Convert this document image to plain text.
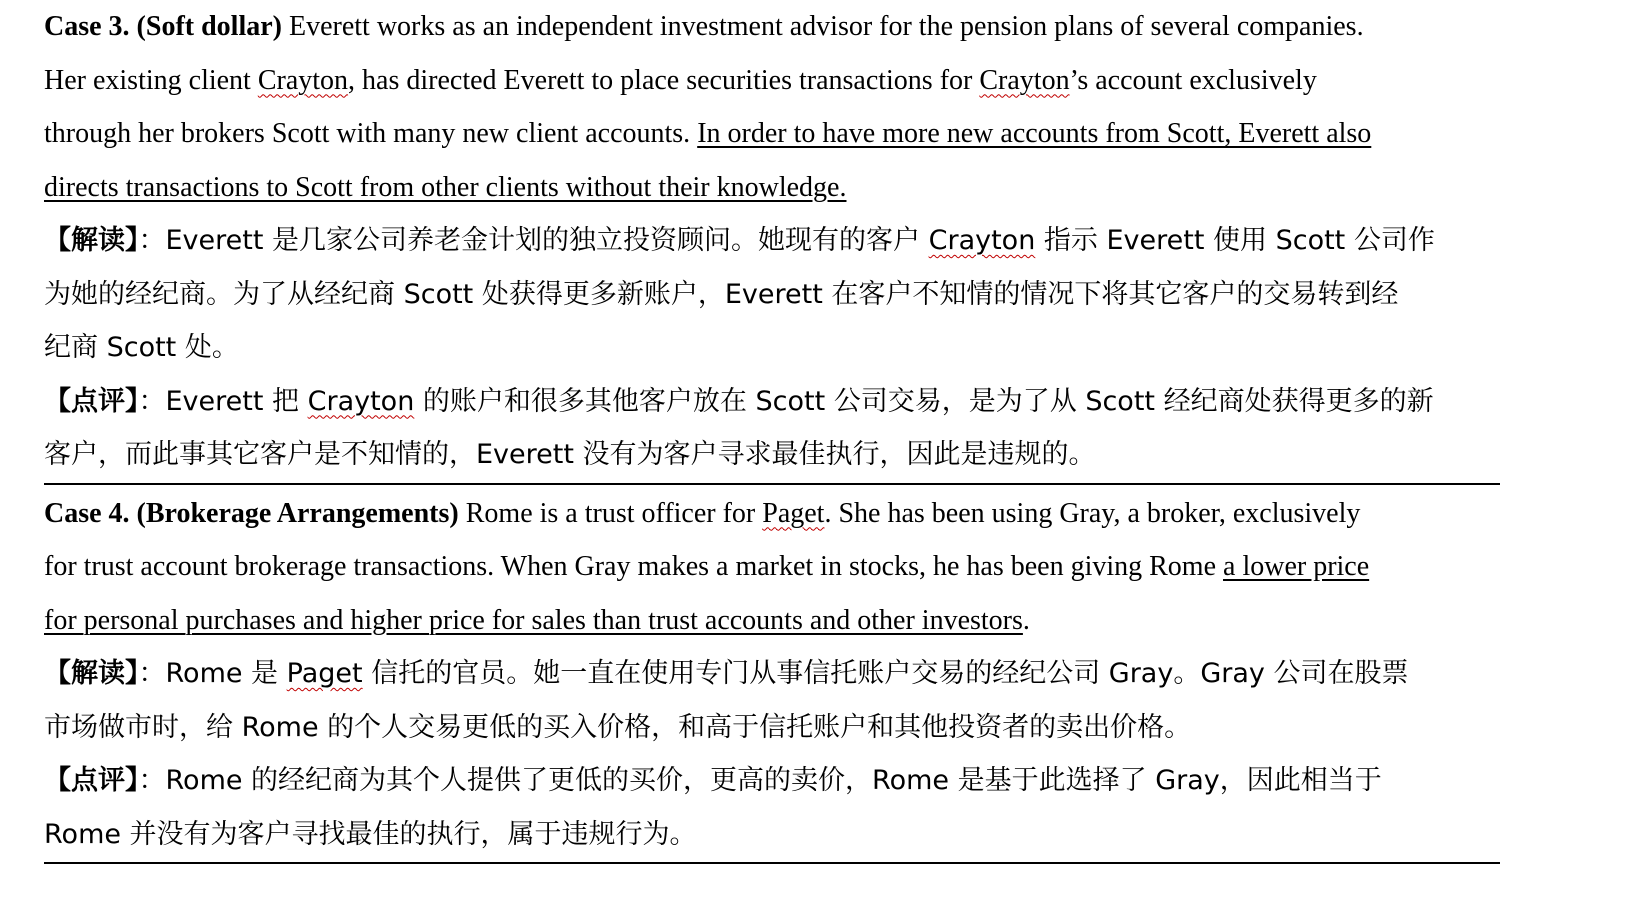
Case 3. (Soft dollar) Everett works as an independent investment advisor for the pension plans of several companies.
Her existing client Crayton, has directed Everett to place securities transactions for Crayton’s account exclusively
through her brokers Scott with many new client accounts. In order to have more new accounts from Scott, Everett also
directs transactions to Scott from other clients without their knowledge.
【解读】：Everett 是几家公司养老金计划的独立投资顾问。她现有的客户 Crayton 指示 Everett 使用 Scott 公司作
为她的经纪商。为了从经纪商 Scott 处获得更多新账户，Everett 在客户不知情的情况下将其它客户的交易转到经
纪商 Scott 处。
【点评】：Everett 把 Crayton 的账户和很多其他客户放在 Scott 公司交易，是为了从 Scott 经纪商处获得更多的新
客户，而此事其它客户是不知情的，Everett 没有为客户寻求最佳执行，因此是违规的。
Case 4. (Brokerage Arrangements) Rome is a trust officer for Paget. She has been using Gray, a broker, exclusively
for trust account brokerage transactions. When Gray makes a market in stocks, he has been giving Rome a lower price
for personal purchases and higher price for sales than trust accounts and other investors.
【解读】：Rome 是 Paget 信托的官员。她一直在使用专门从事信托账户交易的经纪公司 Gray。Gray 公司在股票
市场做市时，给 Rome 的个人交易更低的买入价格，和高于信托账户和其他投资者的卖出价格。
【点评】：Rome 的经纪商为其个人提供了更低的买价，更高的卖价，Rome 是基于此选择了 Gray，因此相当于
Rome 并没有为客户寻找最佳的执行，属于违规行为。
